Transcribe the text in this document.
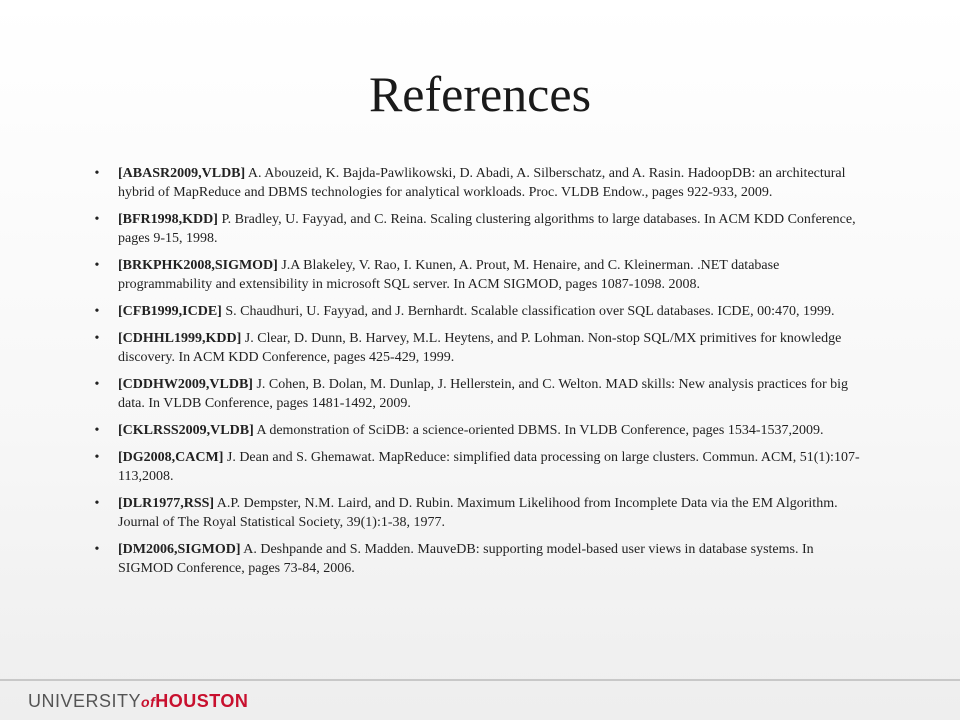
References
•	[ABASR2009,VLDB] A. Abouzeid, K. Bajda-Pawlikowski, D. Abadi, A. Silberschatz, and A. Rasin. HadoopDB: an architectural hybrid of MapReduce and DBMS technologies for analytical workloads. Proc. VLDB Endow., pages 922-933, 2009.
•	[BFR1998,KDD] P. Bradley, U. Fayyad, and C. Reina. Scaling clustering algorithms to large databases. In ACM KDD Conference, pages 9-15, 1998.
•	[BRKPHK2008,SIGMOD] J.A Blakeley, V. Rao, I. Kunen, A. Prout, M. Henaire, and C. Kleinerman. .NET database programmability and extensibility in microsoft SQL server. In ACM SIGMOD, pages 1087-1098. 2008.
•	[CFB1999,ICDE] S. Chaudhuri, U. Fayyad, and J. Bernhardt. Scalable classification over SQL databases. ICDE, 00:470, 1999.
•	[CDHHL1999,KDD] J. Clear, D. Dunn, B. Harvey, M.L. Heytens, and P. Lohman. Non-stop SQL/MX primitives for knowledge discovery. In ACM KDD Conference, pages 425-429, 1999.
•	[CDDHW2009,VLDB] J. Cohen, B. Dolan, M. Dunlap, J. Hellerstein, and C. Welton. MAD skills: New analysis practices for big data. In VLDB Conference, pages 1481-1492, 2009.
•	[CKLRSS2009,VLDB] A demonstration of SciDB: a science-oriented DBMS. In VLDB Conference, pages 1534-1537,2009.
•	[DG2008,CACM] J. Dean and S. Ghemawat. MapReduce: simplified data processing on large clusters. Commun. ACM, 51(1):107-113,2008.
•	[DLR1977,RSS] A.P. Dempster, N.M. Laird, and D. Rubin. Maximum Likelihood from Incomplete Data via the EM Algorithm. Journal of The Royal Statistical Society, 39(1):1-38, 1977.
•	[DM2006,SIGMOD] A. Deshpande and S. Madden. MauveDB: supporting model-based user views in database systems. In SIGMOD Conference, pages 73-84, 2006.
UNIVERSITYofHOUSTON
